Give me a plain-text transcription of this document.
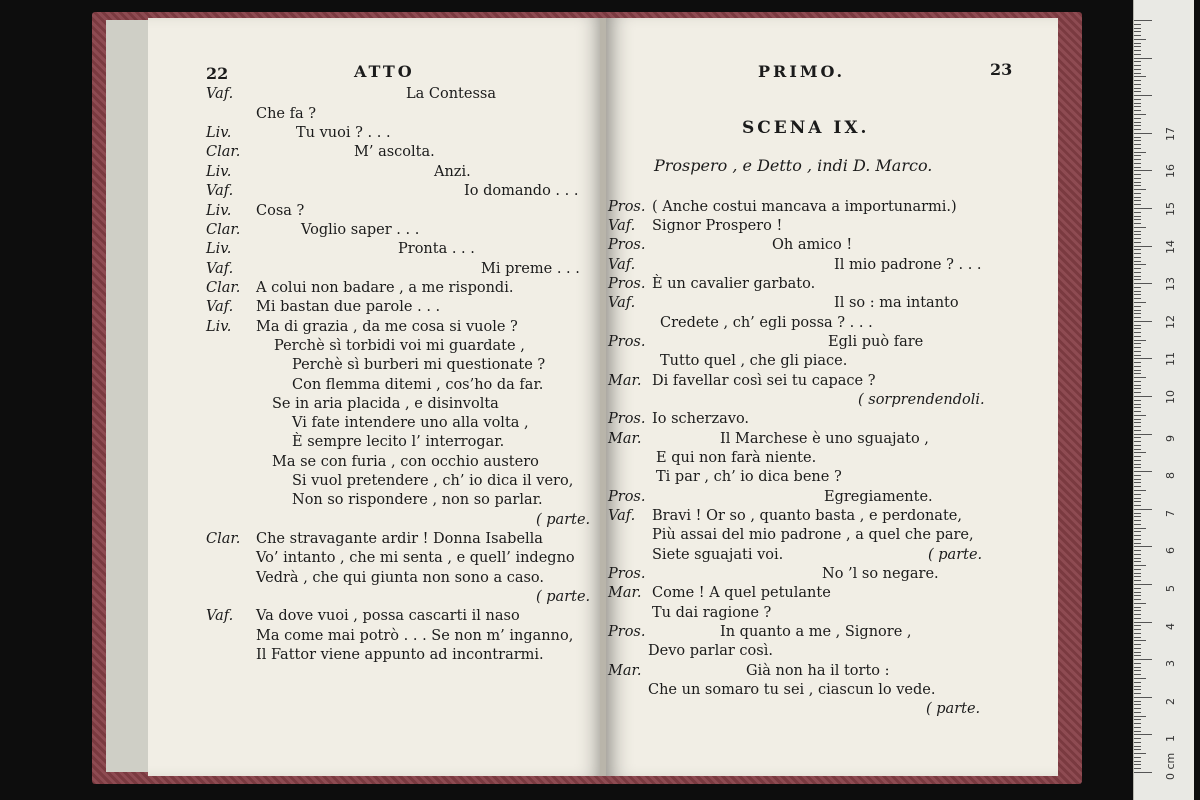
22	ATTO
Vaf.	La Contessa
Che fa ?
Liv.	Tu vuoi ? . . .
Clar.	M’ ascolta.
Liv.	Anzi.
Vaf.	Io domando . . .
Liv. Cosa ?
Clar.	Voglio saper . . .
Liv.	Pronta . . .
Vaf.	Mi preme . . .
Clar. A colui non badare , a me rispondi.
Vaf. Mi bastan due parole . . .
Liv. Ma di grazia , da me cosa si vuole ?
Perchè sì torbidi voi mi guardate ,
Perchè sì burberi mi questionate ?
Con flemma ditemi , cos’ho da far.
Se in aria placida , e disinvolta
Vi fate intendere uno alla volta ,
È sempre lecito l’ interrogar.
Ma se con furia , con occhio austero
Si vuol pretendere , ch’ io dica il vero,
Non so rispondere , non so parlar.
( parte.
Clar. Che stravagante ardir ! Donna Isabella
Vo’ intanto , che mi senta , e quell’ indegno
Vedrà , che qui giunta non sono a caso.
( parte.
Vaf. Va dove vuoi , possa cascarti il naso
Ma come mai potrò . . . Se non m’ inganno,
Il Fattor viene appunto ad incontrarmi.
PRIMO.	23
SCENA IX.
Prospero , e Detto , indi D. Marco.
Pros. ( Anche costui mancava a importunarmi.)
Vaf. Signor Prospero !
Pros.	Oh amico !
Vaf.	Il mio padrone ? . . .
Pros. È un cavalier garbato.
Vaf.	Il so : ma intanto
Credete , ch’ egli possa ? . . .
Pros.	Egli può fare
Tutto quel , che gli piace.
Mar. Di favellar così sei tu capace ?
( sorprendendoli.
Pros. Io scherzavo.
Mar.	Il Marchese è uno sguajato ,
E qui non farà niente.
Ti par , ch’ io dica bene ?
Pros.	Egregiamente.
Vaf. Bravi ! Or so , quanto basta , e perdonate,
Più assai del mio padrone , a quel che pare,
Siete sguajati voi.	( parte.
Pros.	No ’l so negare.
Mar. Come ! A quel petulante
Tu dai ragione ?
Pros.	In quanto a me , Signore ,
Devo parlar così.
Mar.	Già non ha il torto :
Che un somaro tu sei , ciascun lo vede.
( parte.
0 cm
1
2
3
4
5
6
7
8
9
10
11
12
13
14
15
16
17
